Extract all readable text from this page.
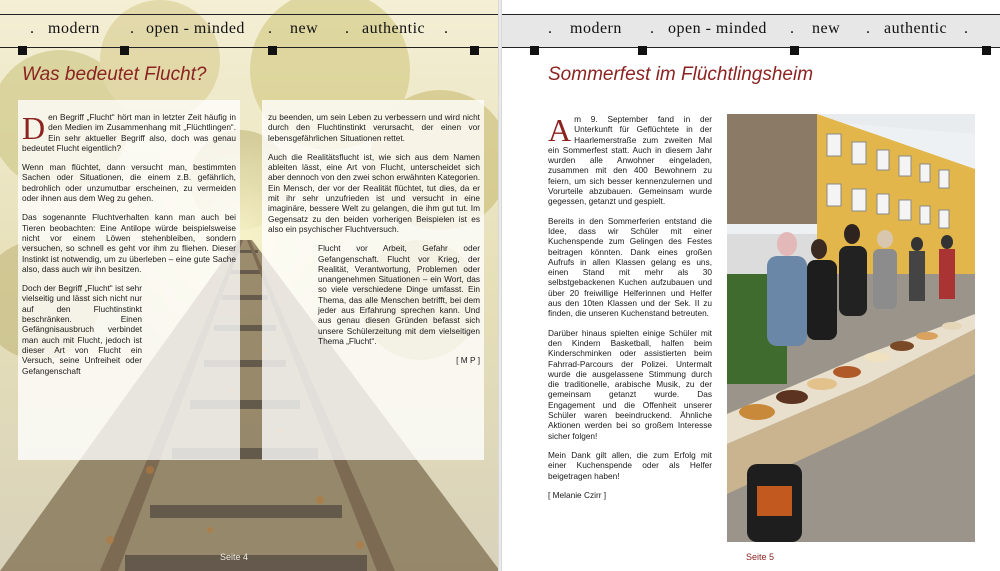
. modern . open - minded . new . authentic .
Was bedeutet Flucht?

Den Begriff „Flucht“ hört man in letzter Zeit häufig in den Medien im Zusammenhang mit „Flüchtlingen“. Ein sehr aktueller Begriff also, doch was genau bedeutet Flucht eigentlich?

Wenn man flüchtet, dann versucht man, bestimmten Sachen oder Situationen, die einem z.B. gefährlich, bedrohlich oder unzumutbar erscheinen, zu vermeiden oder ihnen aus dem Weg zu gehen.

Das sogenannte Fluchtverhalten kann man auch bei Tieren beobachten: Eine Antilope würde beispielsweise nicht vor einem Löwen stehenbleiben, sondern versuchen, so schnell es geht vor ihm zu fliehen. Dieser Instinkt ist notwendig, um zu überleben – eine gute Sache also, dass auch wir ihn besitzen.

Doch der Begriff „Flucht“ ist sehr vielseitig und lässt sich nicht nur auf den Fluchtinstinkt beschränken. Einen Gefängnisausbruch verbindet man auch mit Flucht, jedoch ist dieser Art von Flucht ein Versuch, seine Unfreiheit oder Gefangenschaft

zu beenden, um sein Leben zu verbessern und wird nicht durch den Fluchtinstinkt verursacht, der einen vor lebensgefährlichen Situationen rettet.

Auch die Realitätsflucht ist, wie sich aus dem Namen ableiten lässt, eine Art von Flucht, unterscheidet sich aber dennoch von den zwei schon erwähnten Kategorien. Ein Mensch, der vor der Realität flüchtet, tut dies, da er mit ihr sehr unzufrieden ist und versucht in eine imaginäre, bessere Welt zu gelangen, die ihm gut tut. Im Gegensatz zu den beiden vorherigen Beispielen ist es also ein psychischer Fluchtversuch.

Flucht vor Arbeit, Gefahr oder Gefangenschaft. Flucht vor Krieg, der Realität, Verantwortung, Problemen oder unangenehmen Situationen – ein Wort, das so viele verschiedene Dinge umfasst. Ein Thema, das alle Menschen betrifft, bei dem jeder aus Erfahrung sprechen kann. Und aus genau diesen Gründen befasst sich unsere Schülerzeitung mit dem vielseitigen Thema „Flucht“.

[ M P ]
Seite 4
. modern . open - minded . new . authentic .
Sommerfest im Flüchtlingsheim

Am 9. September fand in der Unterkunft für Geflüchtete in der Haarlemerstraße zum zweiten Mal ein Sommerfest statt. Auch in diesem Jahr wurden alle Anwohner eingeladen, zusammen mit den 400 Bewohnern zu feiern, um sich besser kennenzulernen und Vorurteile abzubauen. Gemeinsam wurde gegessen, getanzt und gespielt.

Bereits in den Sommerferien entstand die Idee, dass wir Schüler mit einer Kuchenspende zum Gelingen des Festes beitragen könnten. Dank eines großen Aufrufs in allen Klassen gelang es uns, einen Stand mit mehr als 30 selbstgebackenen Kuchen aufzubauen und über 20 freiwillige Helferinnen und Helfer aus den 10ten Klassen und der Sek. II zu finden, die unseren Kuchenstand betreuten.

Darüber hinaus spielten einige Schüler mit den Kindern Basketball, halfen beim Kinderschminken oder assistierten beim Fahrrad-Parcours der Polizei. Untermalt wurde die ausgelassene Stimmung durch die traditionelle, arabische Musik, zu der gemeinsam getanzt wurde. Das Engagement und die Offenheit unserer Schüler waren beeindruckend. Ähnliche Aktionen werden bei so großem Interesse sicher folgen!

Mein Dank gilt allen, die zum Erfolg mit einer Kuchenspende oder als Helfer beigetragen haben!

[ Melanie Czirr ]
Seite 5
